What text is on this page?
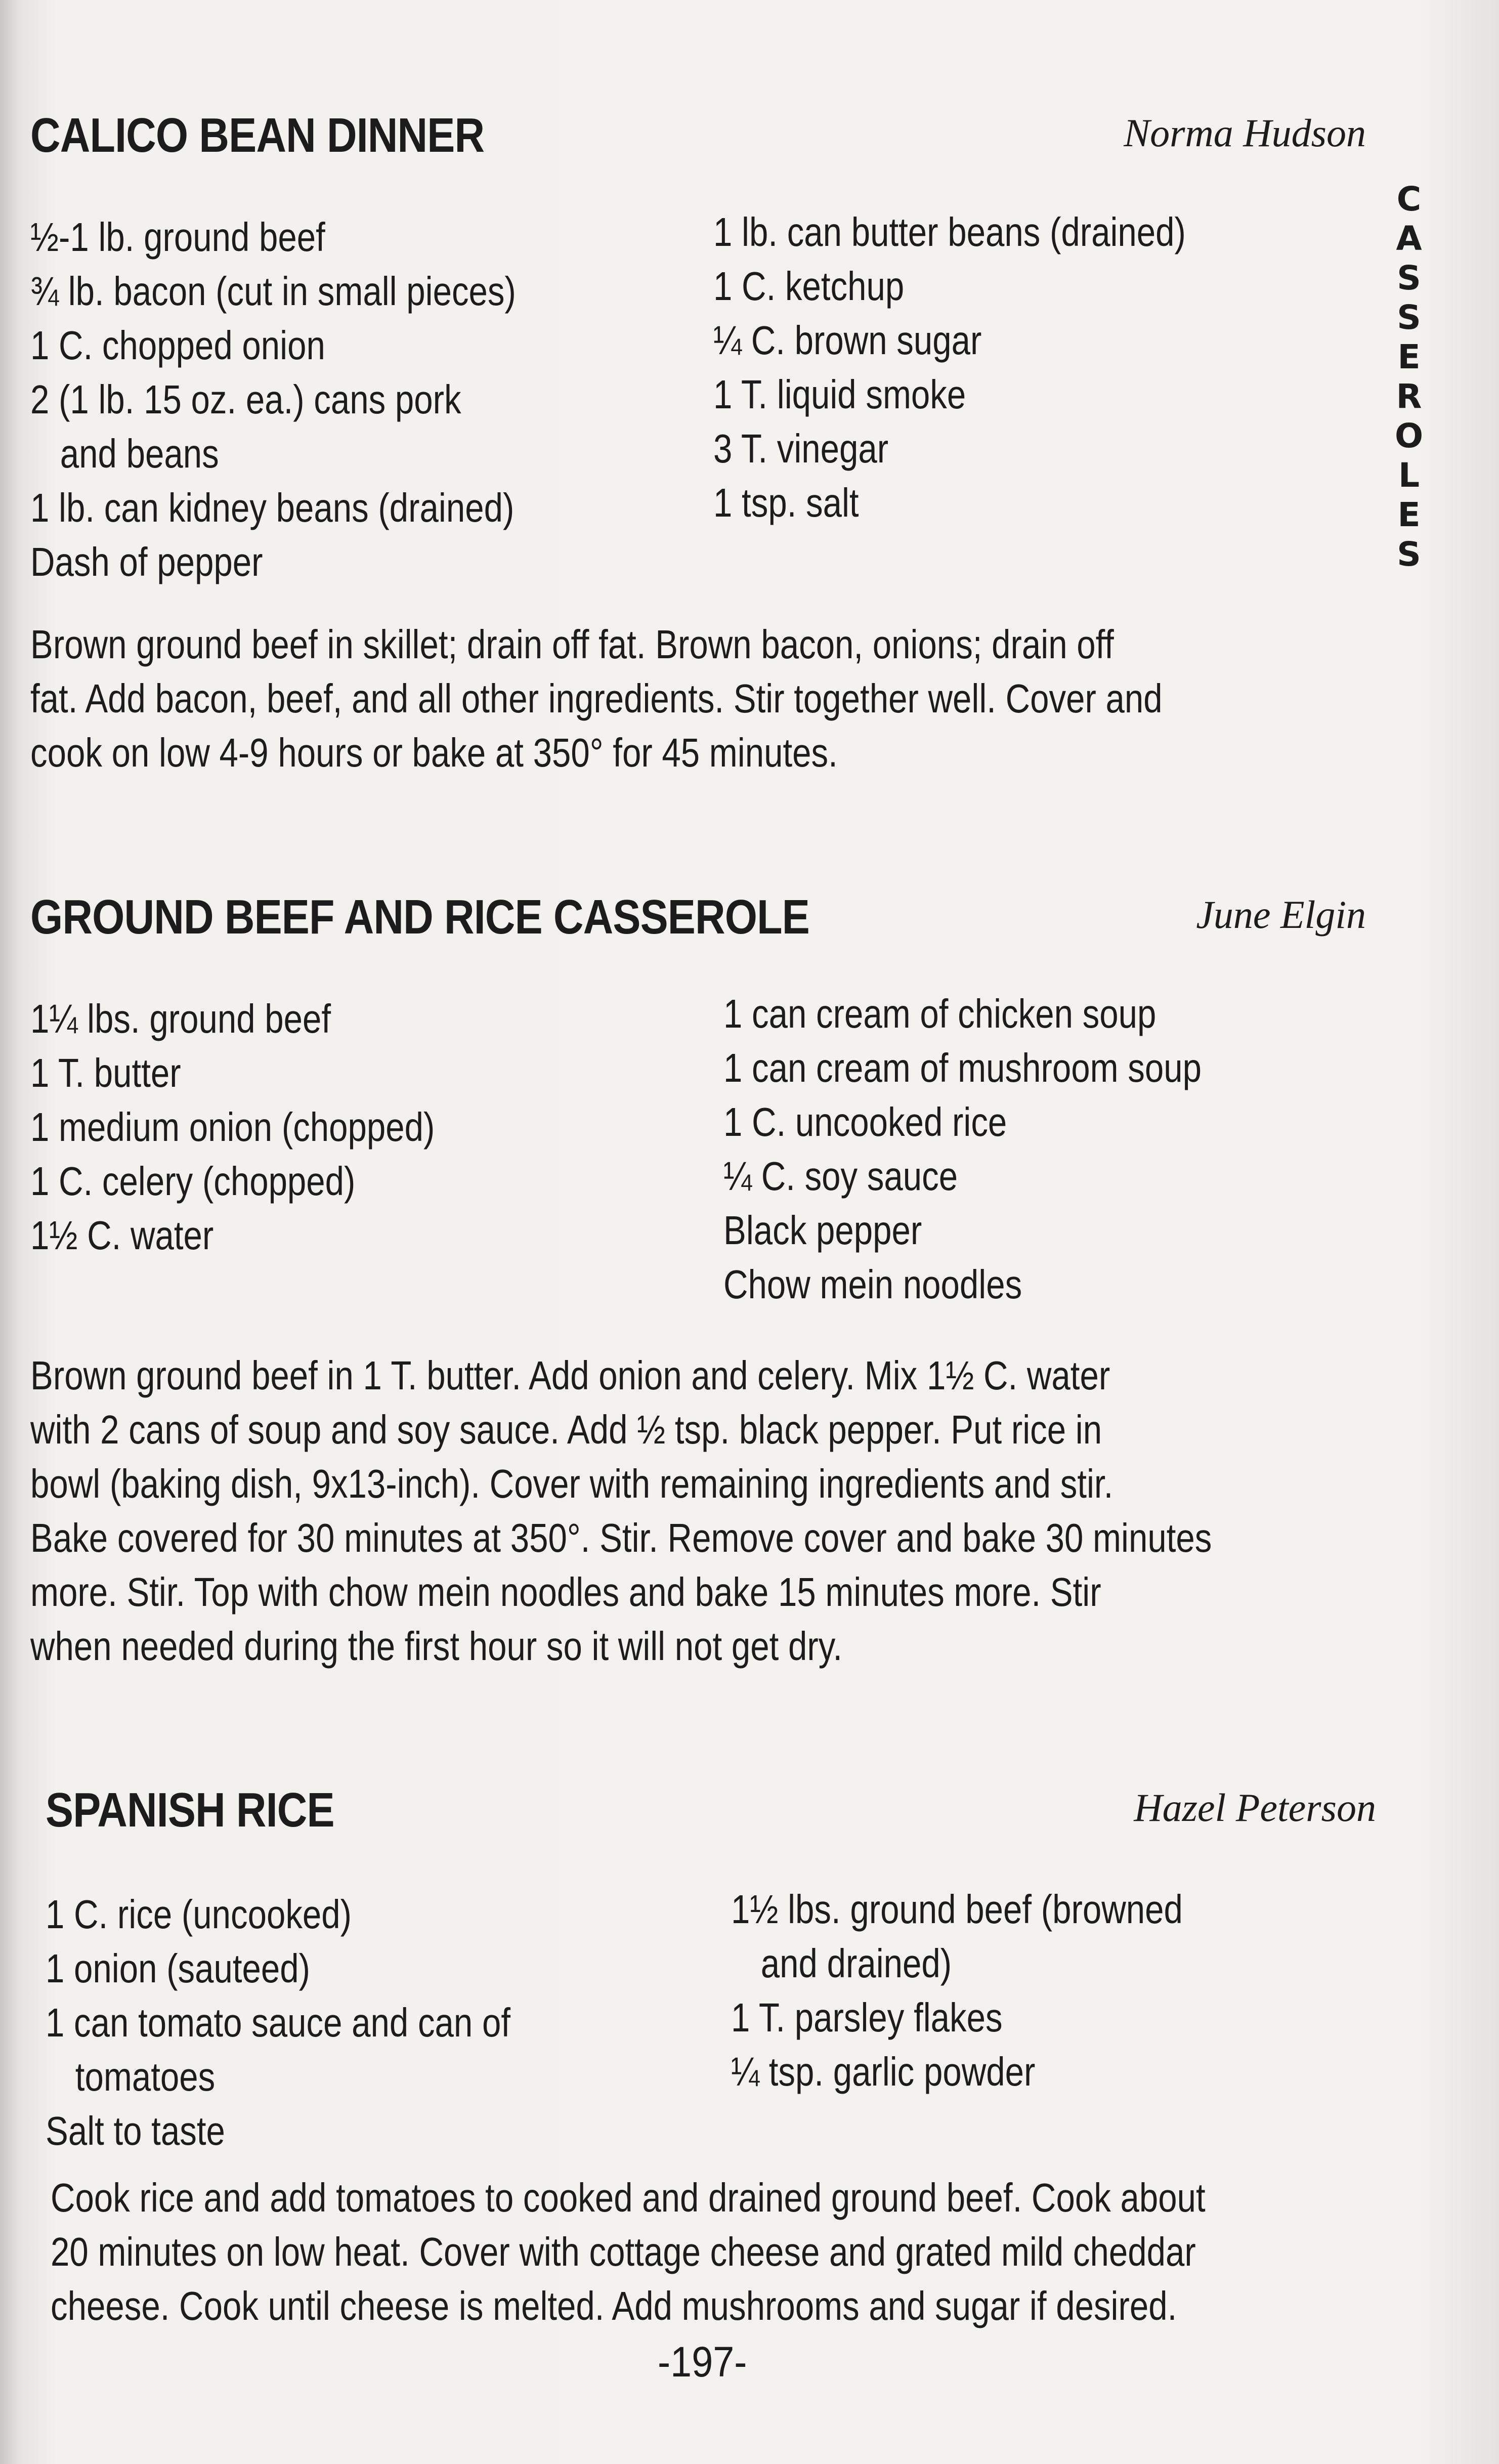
C
A
S
S
E
R
O
L
E
S
CALICO BEAN DINNER	Norma Hudson
½-1 lb. ground beef
¾ lb. bacon (cut in small pieces)
1 C. chopped onion
2 (1 lb. 15 oz. ea.) cans pork
and beans
1 lb. can kidney beans (drained)
Dash of pepper
1 lb. can butter beans (drained)
1 C. ketchup
¼ C. brown sugar
1 T. liquid smoke
3 T. vinegar
1 tsp. salt
Brown ground beef in skillet; drain off fat. Brown bacon, onions; drain off
fat. Add bacon, beef, and all other ingredients. Stir together well. Cover and
cook on low 4-9 hours or bake at 350° for 45 minutes.
GROUND BEEF AND RICE CASSEROLE	June Elgin
1¼ lbs. ground beef
1 T. butter
1 medium onion (chopped)
1 C. celery (chopped)
1½ C. water
1 can cream of chicken soup
1 can cream of mushroom soup
1 C. uncooked rice
¼ C. soy sauce
Black pepper
Chow mein noodles
Brown ground beef in 1 T. butter. Add onion and celery. Mix 1½ C. water
with 2 cans of soup and soy sauce. Add ½ tsp. black pepper. Put rice in
bowl (baking dish, 9x13-inch). Cover with remaining ingredients and stir.
Bake covered for 30 minutes at 350°. Stir. Remove cover and bake 30 minutes
more. Stir. Top with chow mein noodles and bake 15 minutes more. Stir
when needed during the first hour so it will not get dry.
SPANISH RICE	Hazel Peterson
1 C. rice (uncooked)
1 onion (sauteed)
1 can tomato sauce and can of
tomatoes
Salt to taste
1½ lbs. ground beef (browned
and drained)
1 T. parsley flakes
¼ tsp. garlic powder
Cook rice and add tomatoes to cooked and drained ground beef. Cook about
20 minutes on low heat. Cover with cottage cheese and grated mild cheddar
cheese. Cook until cheese is melted. Add mushrooms and sugar if desired.
-197-
